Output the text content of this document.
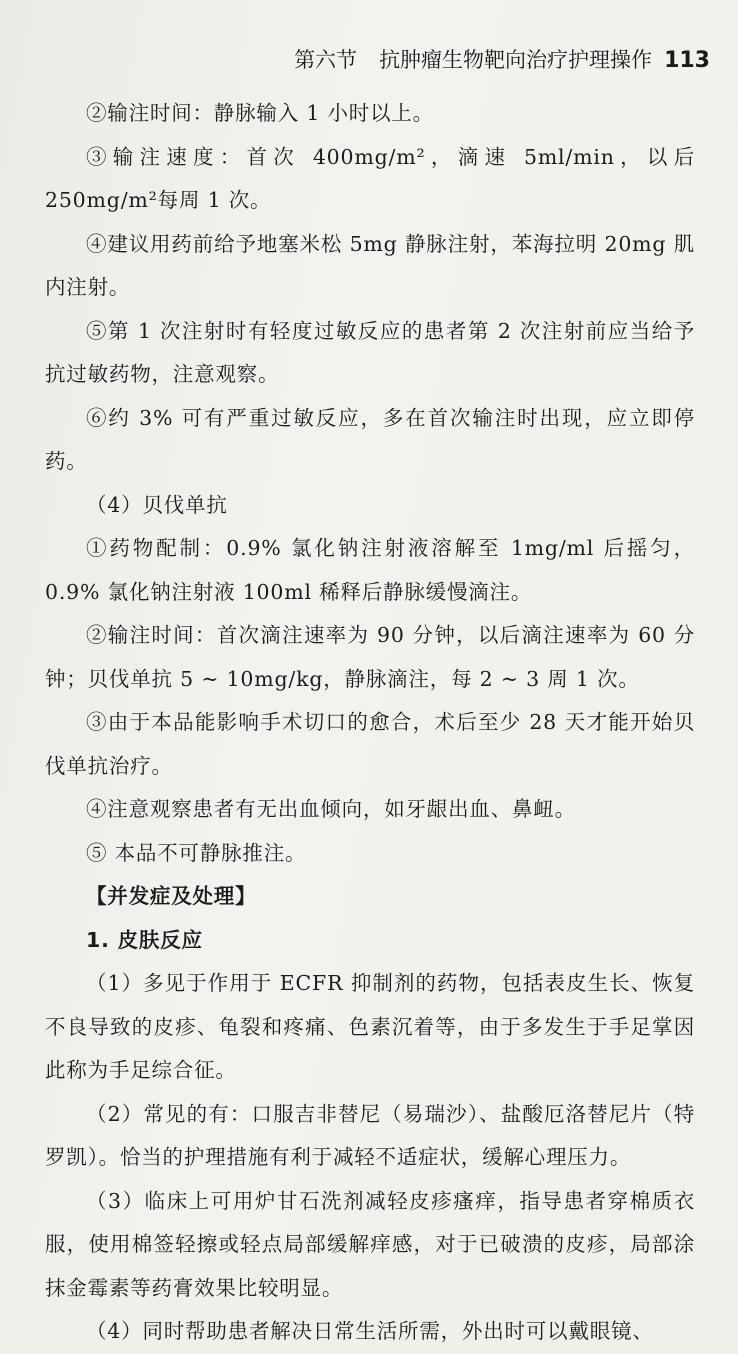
第六节 抗肿瘤生物靶向治疗护理操作 113

②输注时间：静脉输入 1 小时以上。

③输注速度：首次 400mg/m²，滴速 5ml/min，以后 250mg/m²每周 1 次。

④建议用药前给予地塞米松 5mg 静脉注射，苯海拉明 20mg 肌内注射。

⑤第 1 次注射时有轻度过敏反应的患者第 2 次注射前应当给予抗过敏药物，注意观察。

⑥约 3% 可有严重过敏反应，多在首次输注时出现，应立即停药。

（4）贝伐单抗

①药物配制：0.9% 氯化钠注射液溶解至 1mg/ml 后摇匀，0.9% 氯化钠注射液 100ml 稀释后静脉缓慢滴注。

②输注时间：首次滴注速率为 90 分钟，以后滴注速率为 60 分钟；贝伐单抗 5 ~ 10mg/kg，静脉滴注，每 2 ~ 3 周 1 次。

③由于本品能影响手术切口的愈合，术后至少 28 天才能开始贝伐单抗治疗。

④注意观察患者有无出血倾向，如牙龈出血、鼻衄。

⑤ 本品不可静脉推注。

【并发症及处理】

1. 皮肤反应

（1）多见于作用于 ECFR 抑制剂的药物，包括表皮生长、恢复不良导致的皮疹、龟裂和疼痛、色素沉着等，由于多发生于手足掌因此称为手足综合征。

（2）常见的有：口服吉非替尼（易瑞沙）、盐酸厄洛替尼片（特罗凯）。恰当的护理措施有利于减轻不适症状，缓解心理压力。

（3）临床上可用炉甘石洗剂减轻皮疹瘙痒，指导患者穿棉质衣服，使用棉签轻擦或轻点局部缓解痒感，对于已破溃的皮疹，局部涂抹金霉素等药膏效果比较明显。

（4）同时帮助患者解决日常生活所需，外出时可以戴眼镜、
